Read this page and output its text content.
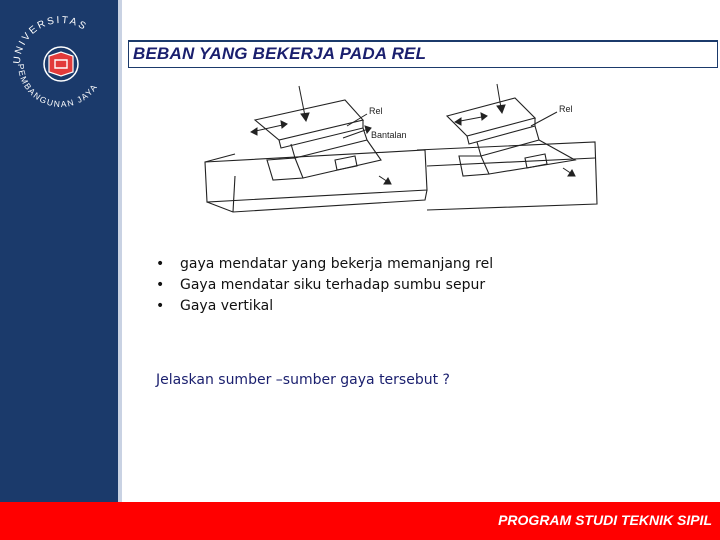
UNIVERSITAS
PEMBANGUNAN JAYA
BEBAN YANG BEKERJA PADA REL
Rel	Rel
Bantalan
• gaya mendatar yang bekerja memanjang rel
• Gaya mendatar siku terhadap sumbu sepur
• Gaya vertikal
Jelaskan sumber –sumber gaya tersebut ?
PROGRAM STUDI TEKNIK SIPIL
